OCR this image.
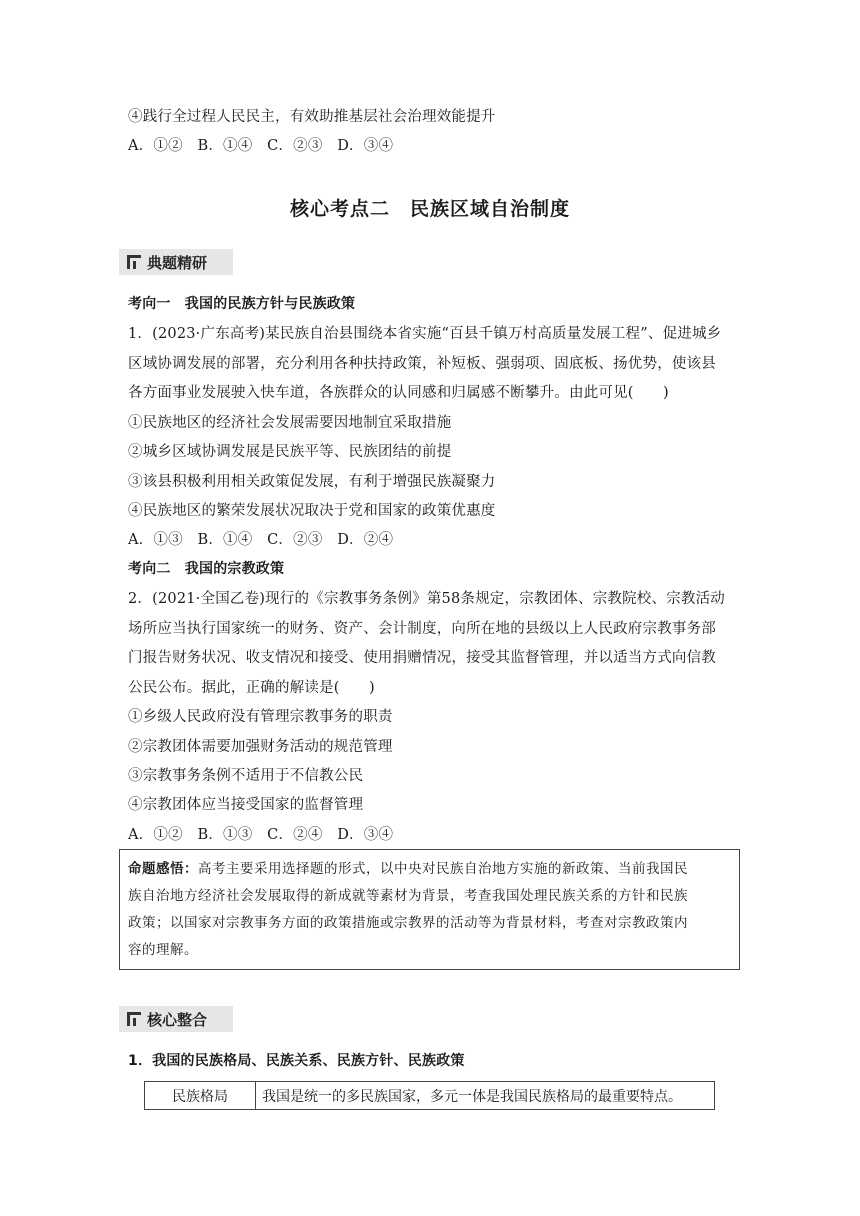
④践行全过程人民民主，有效助推基层社会治理效能提升
A．①②　B．①④　C．②③　D．③④
核心考点二　民族区域自治制度
典题精研
考向一　我国的民族方针与民族政策
1．(2023·广东高考)某民族自治县围绕本省实施“百县千镇万村高质量发展工程”、促进城乡
区域协调发展的部署，充分利用各种扶持政策，补短板、强弱项、固底板、扬优势，使该县
各方面事业发展驶入快车道，各族群众的认同感和归属感不断攀升。由此可见(　　)
①民族地区的经济社会发展需要因地制宜采取措施
②城乡区域协调发展是民族平等、民族团结的前提
③该县积极利用相关政策促发展，有利于增强民族凝聚力
④民族地区的繁荣发展状况取决于党和国家的政策优惠度
A．①③　B．①④　C．②③　D．②④
考向二　我国的宗教政策
2．(2021·全国乙卷)现行的《宗教事务条例》第58条规定，宗教团体、宗教院校、宗教活动
场所应当执行国家统一的财务、资产、会计制度，向所在地的县级以上人民政府宗教事务部
门报告财务状况、收支情况和接受、使用捐赠情况，接受其监督管理，并以适当方式向信教
公民公布。据此，正确的解读是(　　)
①乡级人民政府没有管理宗教事务的职责
②宗教团体需要加强财务活动的规范管理
③宗教事务条例不适用于不信教公民
④宗教团体应当接受国家的监督管理
A．①②　B．①③　C．②④　D．③④
命题感悟：高考主要采用选择题的形式，以中央对民族自治地方实施的新政策、当前我国民
族自治地方经济社会发展取得的新成就等素材为背景，考查我国处理民族关系的方针和民族
政策；以国家对宗教事务方面的政策措施或宗教界的活动等为背景材料，考查对宗教政策内
容的理解。
核心整合
1．我国的民族格局、民族关系、民族方针、民族政策
民族格局	我国是统一的多民族国家，多元一体是我国民族格局的最重要特点。
